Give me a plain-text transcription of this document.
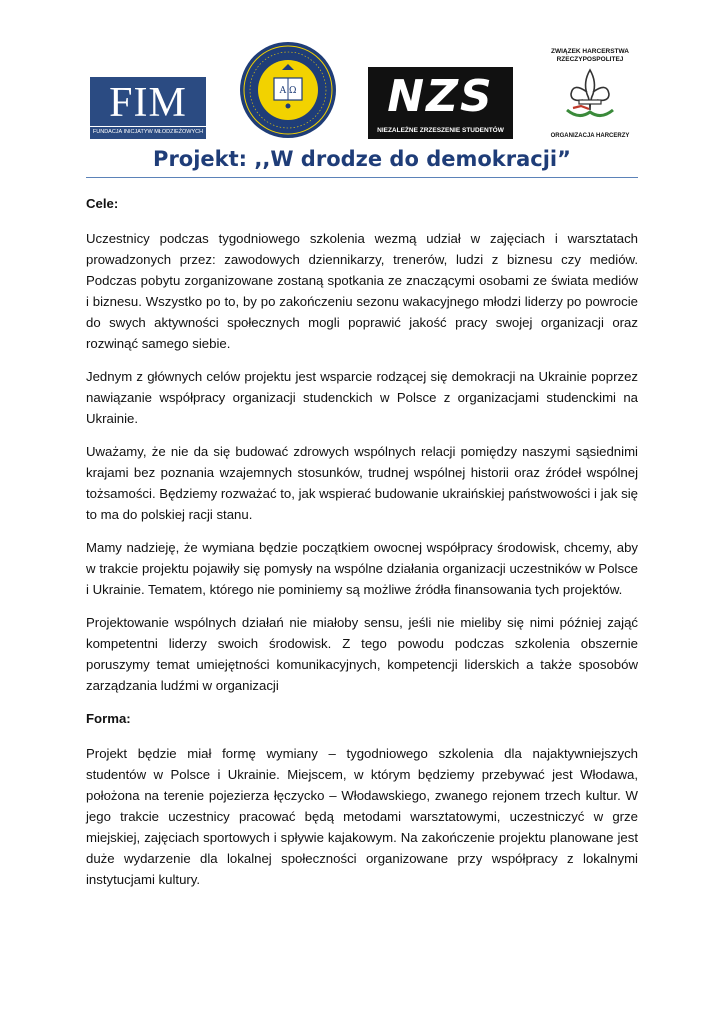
FIM
FUNDACJA INICJATYW MŁODZIEŻOWYCH
Α Ω	NZS
NIEZALEŻNE ZRZESZENIE STUDENTÓW
ZWIĄZEK HARCERSTWA
RZECZYPOSPOLITEJ
ORGANIZACJA HARCERZY
Projekt: ,,W drodze do demokracji”
Cele:

Uczestnicy podczas tygodniowego szkolenia wezmą udział w zajęciach i warsztatach prowadzonych przez: zawodowych dziennikarzy, trenerów, ludzi z biznesu czy mediów. Podczas pobytu zorganizowane zostaną spotkania ze znaczącymi osobami ze świata mediów i biznesu. Wszystko po to, by po zakończeniu sezonu wakacyjnego młodzi liderzy po powrocie do swych aktywności społecznych mogli poprawić jakość pracy swojej organizacji oraz rozwinąć samego siebie.

Jednym z głównych celów projektu jest wsparcie rodzącej się demokracji na Ukrainie poprzez nawiązanie współpracy organizacji studenckich w Polsce z organizacjami studenckimi na Ukrainie.

Uważamy, że nie da się budować zdrowych wspólnych relacji pomiędzy naszymi sąsiednimi krajami bez poznania wzajemnych stosunków, trudnej wspólnej historii oraz źródeł wspólnej tożsamości. Będziemy rozważać to, jak wspierać budowanie ukraińskiej państwowości i jak się to ma do polskiej racji stanu.

Mamy nadzieję, że wymiana będzie początkiem owocnej współpracy środowisk, chcemy, aby w trakcie projektu pojawiły się pomysły na wspólne działania organizacji uczestników w Polsce i Ukrainie. Tematem, którego nie pominiemy są możliwe źródła finansowania tych projektów.

Projektowanie wspólnych działań nie miałoby sensu, jeśli nie mieliby się nimi później zająć kompetentni liderzy swoich środowisk. Z tego powodu podczas szkolenia obszernie poruszymy temat umiejętności komunikacyjnych, kompetencji liderskich a także sposobów zarządzania ludźmi w organizacji

Forma:

Projekt będzie miał formę wymiany – tygodniowego szkolenia dla najaktywniejszych studentów w Polsce i Ukrainie. Miejscem, w którym będziemy przebywać jest Włodawa, położona na terenie pojezierza łęczycko – Włodawskiego, zwanego rejonem trzech kultur. W jego trakcie uczestnicy pracować będą metodami warsztatowymi, uczestniczyć w grze miejskiej, zajęciach sportowych i spływie kajakowym. Na zakończenie projektu planowane jest duże wydarzenie dla lokalnej społeczności organizowane przy współpracy z lokalnymi instytucjami kultury.
